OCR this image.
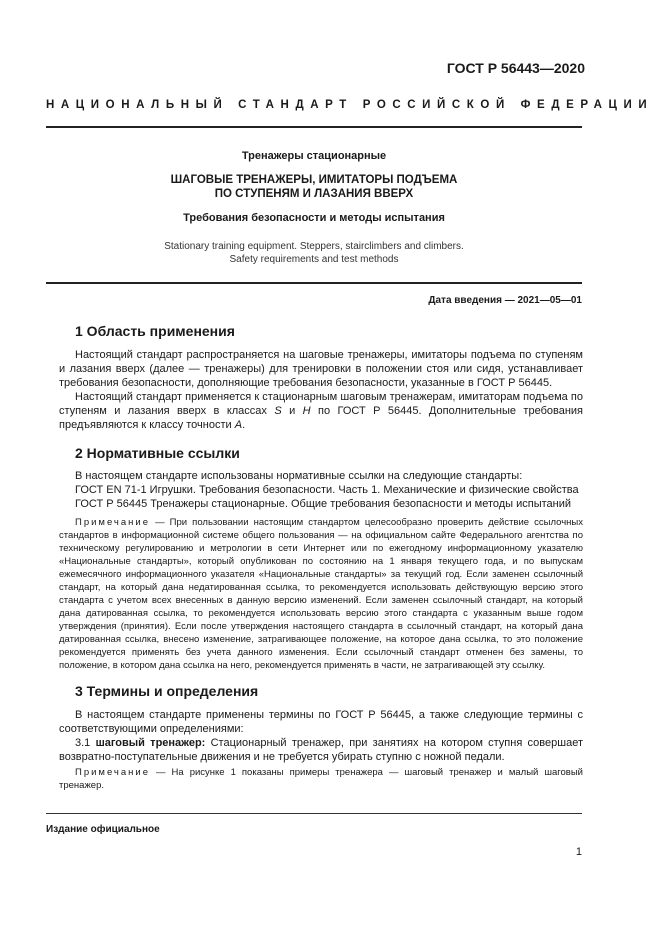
ГОСТ Р 56443—2020
НАЦИОНАЛЬНЫЙ СТАНДАРТ РОССИЙСКОЙ ФЕДЕРАЦИИ
Тренажеры стационарные
ШАГОВЫЕ ТРЕНАЖЕРЫ, ИМИТАТОРЫ ПОДЪЕМА
ПО СТУПЕНЯМ И ЛАЗАНИЯ ВВЕРХ
Требования безопасности и методы испытания
Stationary training equipment. Steppers, stairclimbers and climbers.
Safety requirements and test methods
Дата введения — 2021—05—01
1 Область применения

Настоящий стандарт распространяется на шаговые тренажеры, имитаторы подъема по ступеням и лазания вверх (далее — тренажеры) для тренировки в положении стоя или сидя, устанавливает требования безопасности, дополняющие требования безопасности, указанные в ГОСТ Р 56445.

Настоящий стандарт применяется к стационарным шаговым тренажерам, имитаторам подъема по ступеням и лазания вверх в классах S и H по ГОСТ Р 56445. Дополнительные требования предъявляются к классу точности A.

2 Нормативные ссылки

В настоящем стандарте использованы нормативные ссылки на следующие стандарты:

ГОСТ EN 71-1 Игрушки. Требования безопасности. Часть 1. Механические и физические свойства

ГОСТ Р 56445 Тренажеры стационарные. Общие требования безопасности и методы испытаний

Примечание — При пользовании настоящим стандартом целесообразно проверить действие ссылочных стандартов в информационной системе общего пользования — на официальном сайте Федерального агентства по техническому регулированию и метрологии в сети Интернет или по ежегодному информационному указателю «Национальные стандарты», который опубликован по состоянию на 1 января текущего года, и по выпускам ежемесячного информационного указателя «Национальные стандарты» за текущий год. Если заменен ссылочный стандарт, на который дана недатированная ссылка, то рекомендуется использовать действующую версию этого стандарта с учетом всех внесенных в данную версию изменений. Если заменен ссылочный стандарт, на который дана датированная ссылка, то рекомендуется использовать версию этого стандарта с указанным выше годом утверждения (принятия). Если после утверждения настоящего стандарта в ссылочный стандарт, на который дана датированная ссылка, внесено изменение, затрагивающее положение, на которое дана ссылка, то это положение рекомендуется применять без учета данного изменения. Если ссылочный стандарт отменен без замены, то положение, в котором дана ссылка на него, рекомендуется применять в части, не затрагивающей эту ссылку.

3 Термины и определения

В настоящем стандарте применены термины по ГОСТ Р 56445, а также следующие термины с соответствующими определениями:

3.1 шаговый тренажер: Стационарный тренажер, при занятиях на котором ступня совершает возвратно-поступательные движения и не требуется убирать ступню с ножной педали.

Примечание — На рисунке 1 показаны примеры тренажера — шаговый тренажер и малый шаговый тренажер.

Издание официальное
1
